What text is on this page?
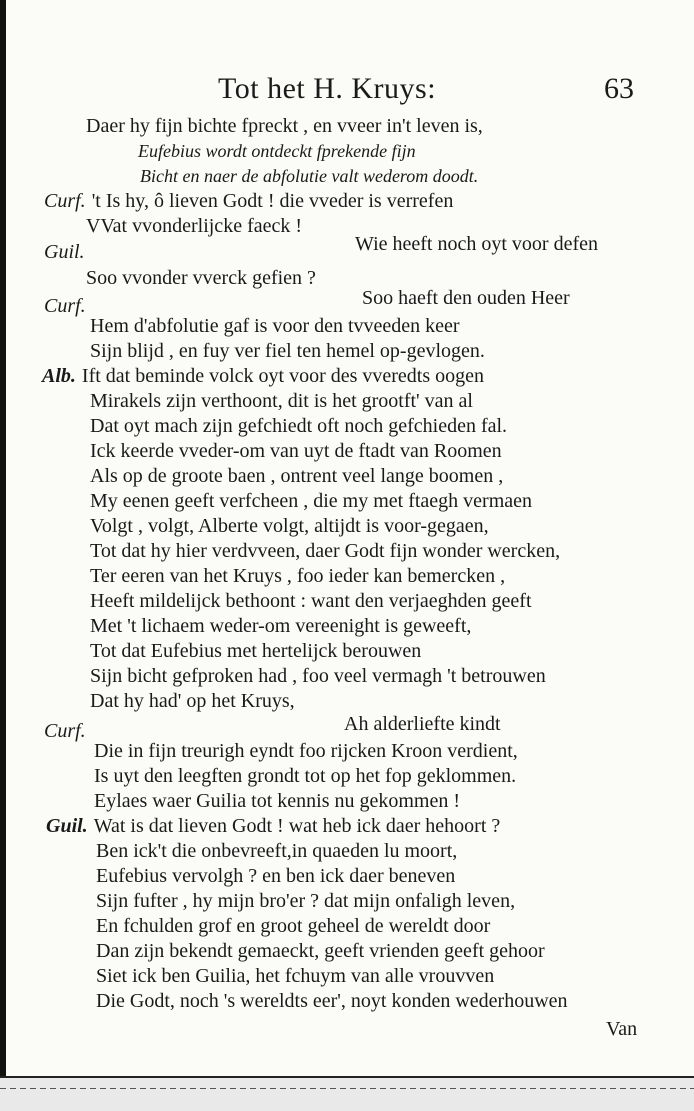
Tot het H. Kruys:	63
Daer hy fijn bichte fpreckt , en vveer in't leven is,
Eufebius wordt ontdeckt fprekende fijn
Bicht en naer de abfolutie valt wederom doodt.
Curf. 't Is hy, ô lieven Godt ! die vveder is verrefen
VVat vvonderlijcke faeck !
Guil.	Wie heeft noch oyt voor defen
Soo vvonder vverck gefien ?
Curf.	Soo haeft den ouden Heer
Hem d'abfolutie gaf is voor den tvveeden keer
Sijn blijd , en fuy ver fiel ten hemel op-gevlogen.
Alb. Ift dat beminde volck oyt voor des vveredts oogen
Mirakels zijn verthoont, dit is het grootft' van al
Dat oyt mach zijn gefchiedt oft noch gefchieden fal.
Ick keerde vveder-om van uyt de ftadt van Roomen
Als op de groote baen , ontrent veel lange boomen ,
My eenen geeft verfcheen , die my met ftaegh vermaen
Volgt , volgt, Alberte volgt, altijdt is voor-gegaen,
Tot dat hy hier verdvveen, daer Godt fijn wonder wercken,
Ter eeren van het Kruys , foo ieder kan bemercken ,
Heeft mildelijck bethoont : want den verjaeghden geeft
Met 't lichaem weder-om vereenight is geweeft,
Tot dat Eufebius met hertelijck berouwen
Sijn bicht gefproken had , foo veel vermagh 't betrouwen
Dat hy had' op het Kruys,
Curf.	Ah alderliefte kindt
Die in fijn treurigh eyndt foo rijcken Kroon verdient,
Is uyt den leegften grondt tot op het fop geklommen.
Eylaes waer Guilia tot kennis nu gekommen !
Guil. Wat is dat lieven Godt ! wat heb ick daer hehoort ?
Ben ick't die onbevreeft,in quaeden lu moort,
Eufebius vervolgh ? en ben ick daer beneven
Sijn fufter , hy mijn bro'er ? dat mijn onfaligh leven,
En fchulden grof en groot geheel de wereldt door
Dan zijn bekendt gemaeckt, geeft vrienden geeft gehoor
Siet ick ben Guilia, het fchuym van alle vrouvven
Die Godt, noch 's wereldts eer', noyt konden wederhouwen
Van
